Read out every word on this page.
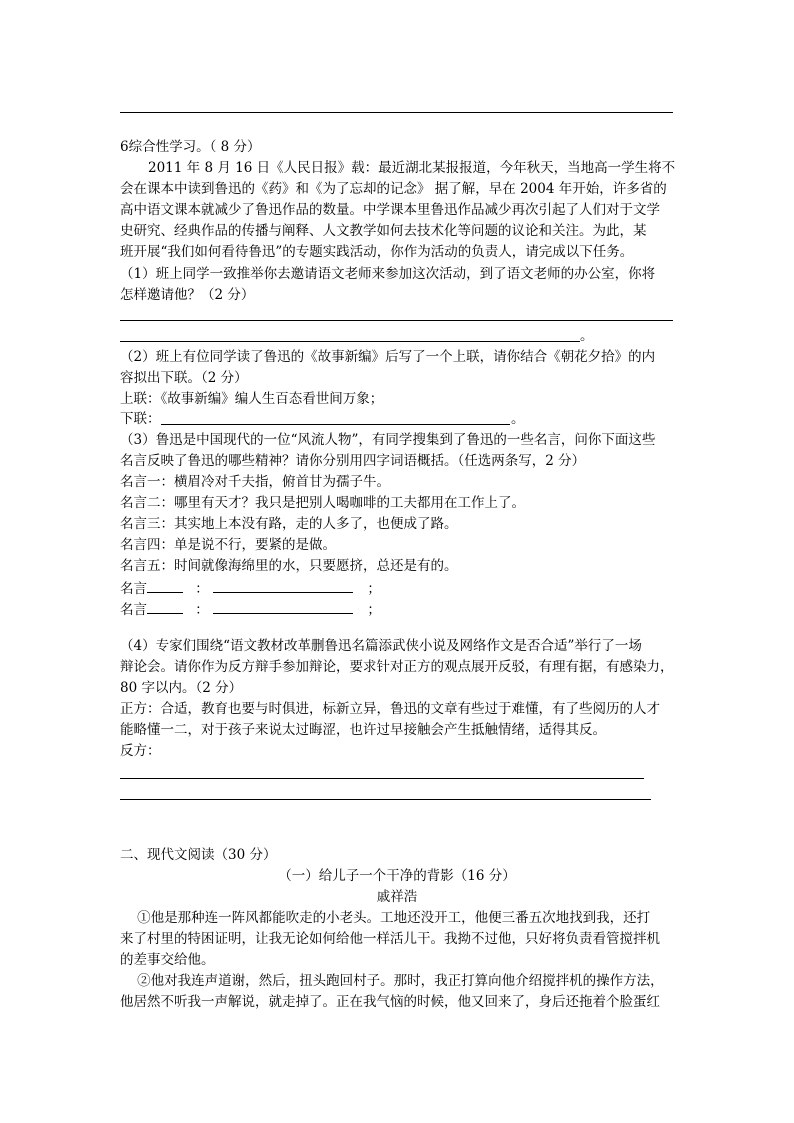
6综合性学习。（ 8 分）
2011 年 8 月 16 日《人民日报》载：最近湖北某报报道，今年秋天，当地高一学生将不
会在课本中读到鲁迅的《药》和《为了忘却的记念》 据了解，早在 2004 年开始，许多省的
高中语文课本就减少了鲁迅作品的数量。中学课本里鲁迅作品减少再次引起了人们对于文学
史研究、经典作品的传播与阐释、人文教学如何去技术化等问题的议论和关注。为此，某
班开展“我们如何看待鲁迅”的专题实践活动，你作为活动的负责人，请完成以下任务。
（1）班上同学一致推举你去邀请语文老师来参加这次活动，到了语文老师的办公室，你将
怎样邀请他？（2 分）
。
（2）班上有位同学读了鲁迅的《故事新编》后写了一个上联，请你结合《朝花夕拾》的内
容拟出下联。（2 分）
上联：《故事新编》编人生百态看世间万象；
下联：	。
（3）鲁迅是中国现代的一位“风流人物”，有同学搜集到了鲁迅的一些名言，问你下面这些
名言反映了鲁迅的哪些精神？请你分别用四字词语概括。（任选两条写，2 分）
名言一：横眉冷对千夫指，俯首甘为孺子牛。
名言二：哪里有天才？我只是把别人喝咖啡的工夫都用在工作上了。
名言三：其实地上本没有路，走的人多了，也便成了路。
名言四：单是说不行，要紧的是做。
名言五：时间就像海绵里的水，只要愿挤，总还是有的。
名言	：	；
名言	：	；
（4）专家们围绕“语文教材改革删鲁迅名篇添武侠小说及网络作文是否合适”举行了一场
辩论会。请你作为反方辩手参加辩论，要求针对正方的观点展开反驳，有理有据，有感染力，
80 字以内。（2 分）
正方：合适，教育也要与时俱进，标新立异，鲁迅的文章有些过于难懂，有了些阅历的人才
能略懂一二，对于孩子来说太过晦涩，也许过早接触会产生抵触情绪，适得其反。
反方：
二、现代文阅读（30 分）
（一）给儿子一个干净的背影（16 分）
戚祥浩
①他是那种连一阵风都能吹走的小老头。工地还没开工，他便三番五次地找到我，还打
来了村里的特困证明，让我无论如何给他一样活儿干。我拗不过他，只好将负责看管搅拌机
的差事交给他。
②他对我连声道谢，然后，扭头跑回村子。那时，我正打算向他介绍搅拌机的操作方法，
他居然不听我一声解说，就走掉了。正在我气恼的时候，他又回来了，身后还拖着个脸蛋红
